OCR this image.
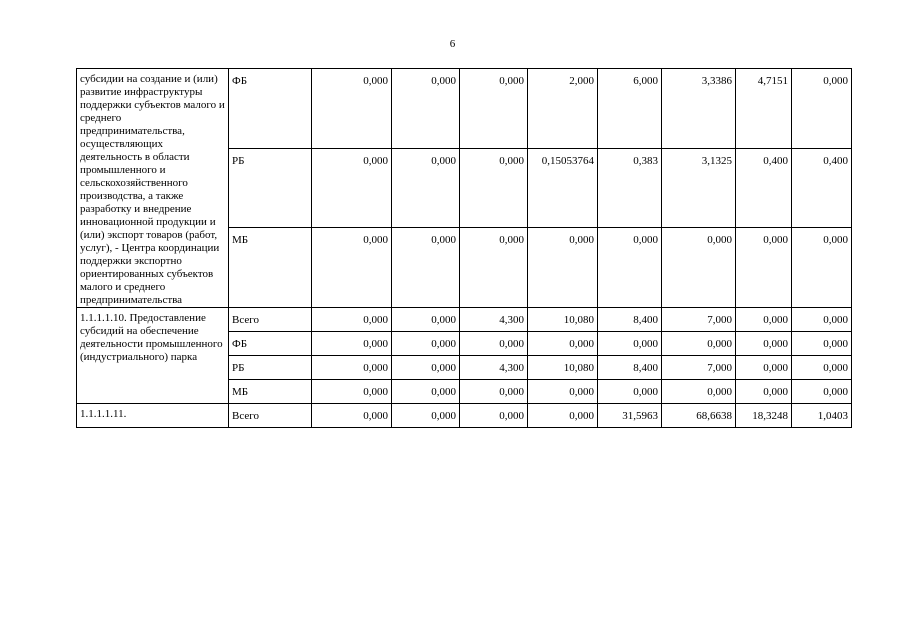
6
субсидии на создание и (или) развитие инфраструктуры поддержки субъектов малого и среднего предпринимательства, осуществляющих деятельность в области промышленного и сельскохозяйственного производства, а также разработку и внедрение инновационной продукции и (или) экспорт товаров (работ, услуг), - Центра координации поддержки экспортно ориентированных субъектов малого и среднего предпринимательства	ФБ	0,000	0,000	0,000	2,000	6,000	3,3386	4,7151	0,000
	РБ	0,000	0,000	0,000	0,15053764	0,383	3,1325	0,400	0,400
	МБ	0,000	0,000	0,000	0,000	0,000	0,000	0,000	0,000
1.1.1.1.10. Предоставление субсидий на обеспечение деятельности промышленного (индустриального) парка	Всего	0,000	0,000	4,300	10,080	8,400	7,000	0,000	0,000
	ФБ	0,000	0,000	0,000	0,000	0,000	0,000	0,000	0,000
	РБ	0,000	0,000	4,300	10,080	8,400	7,000	0,000	0,000
	МБ	0,000	0,000	0,000	0,000	0,000	0,000	0,000	0,000
1.1.1.1.11.	Всего	0,000	0,000	0,000	0,000	31,5963	68,6638	18,3248	1,0403
